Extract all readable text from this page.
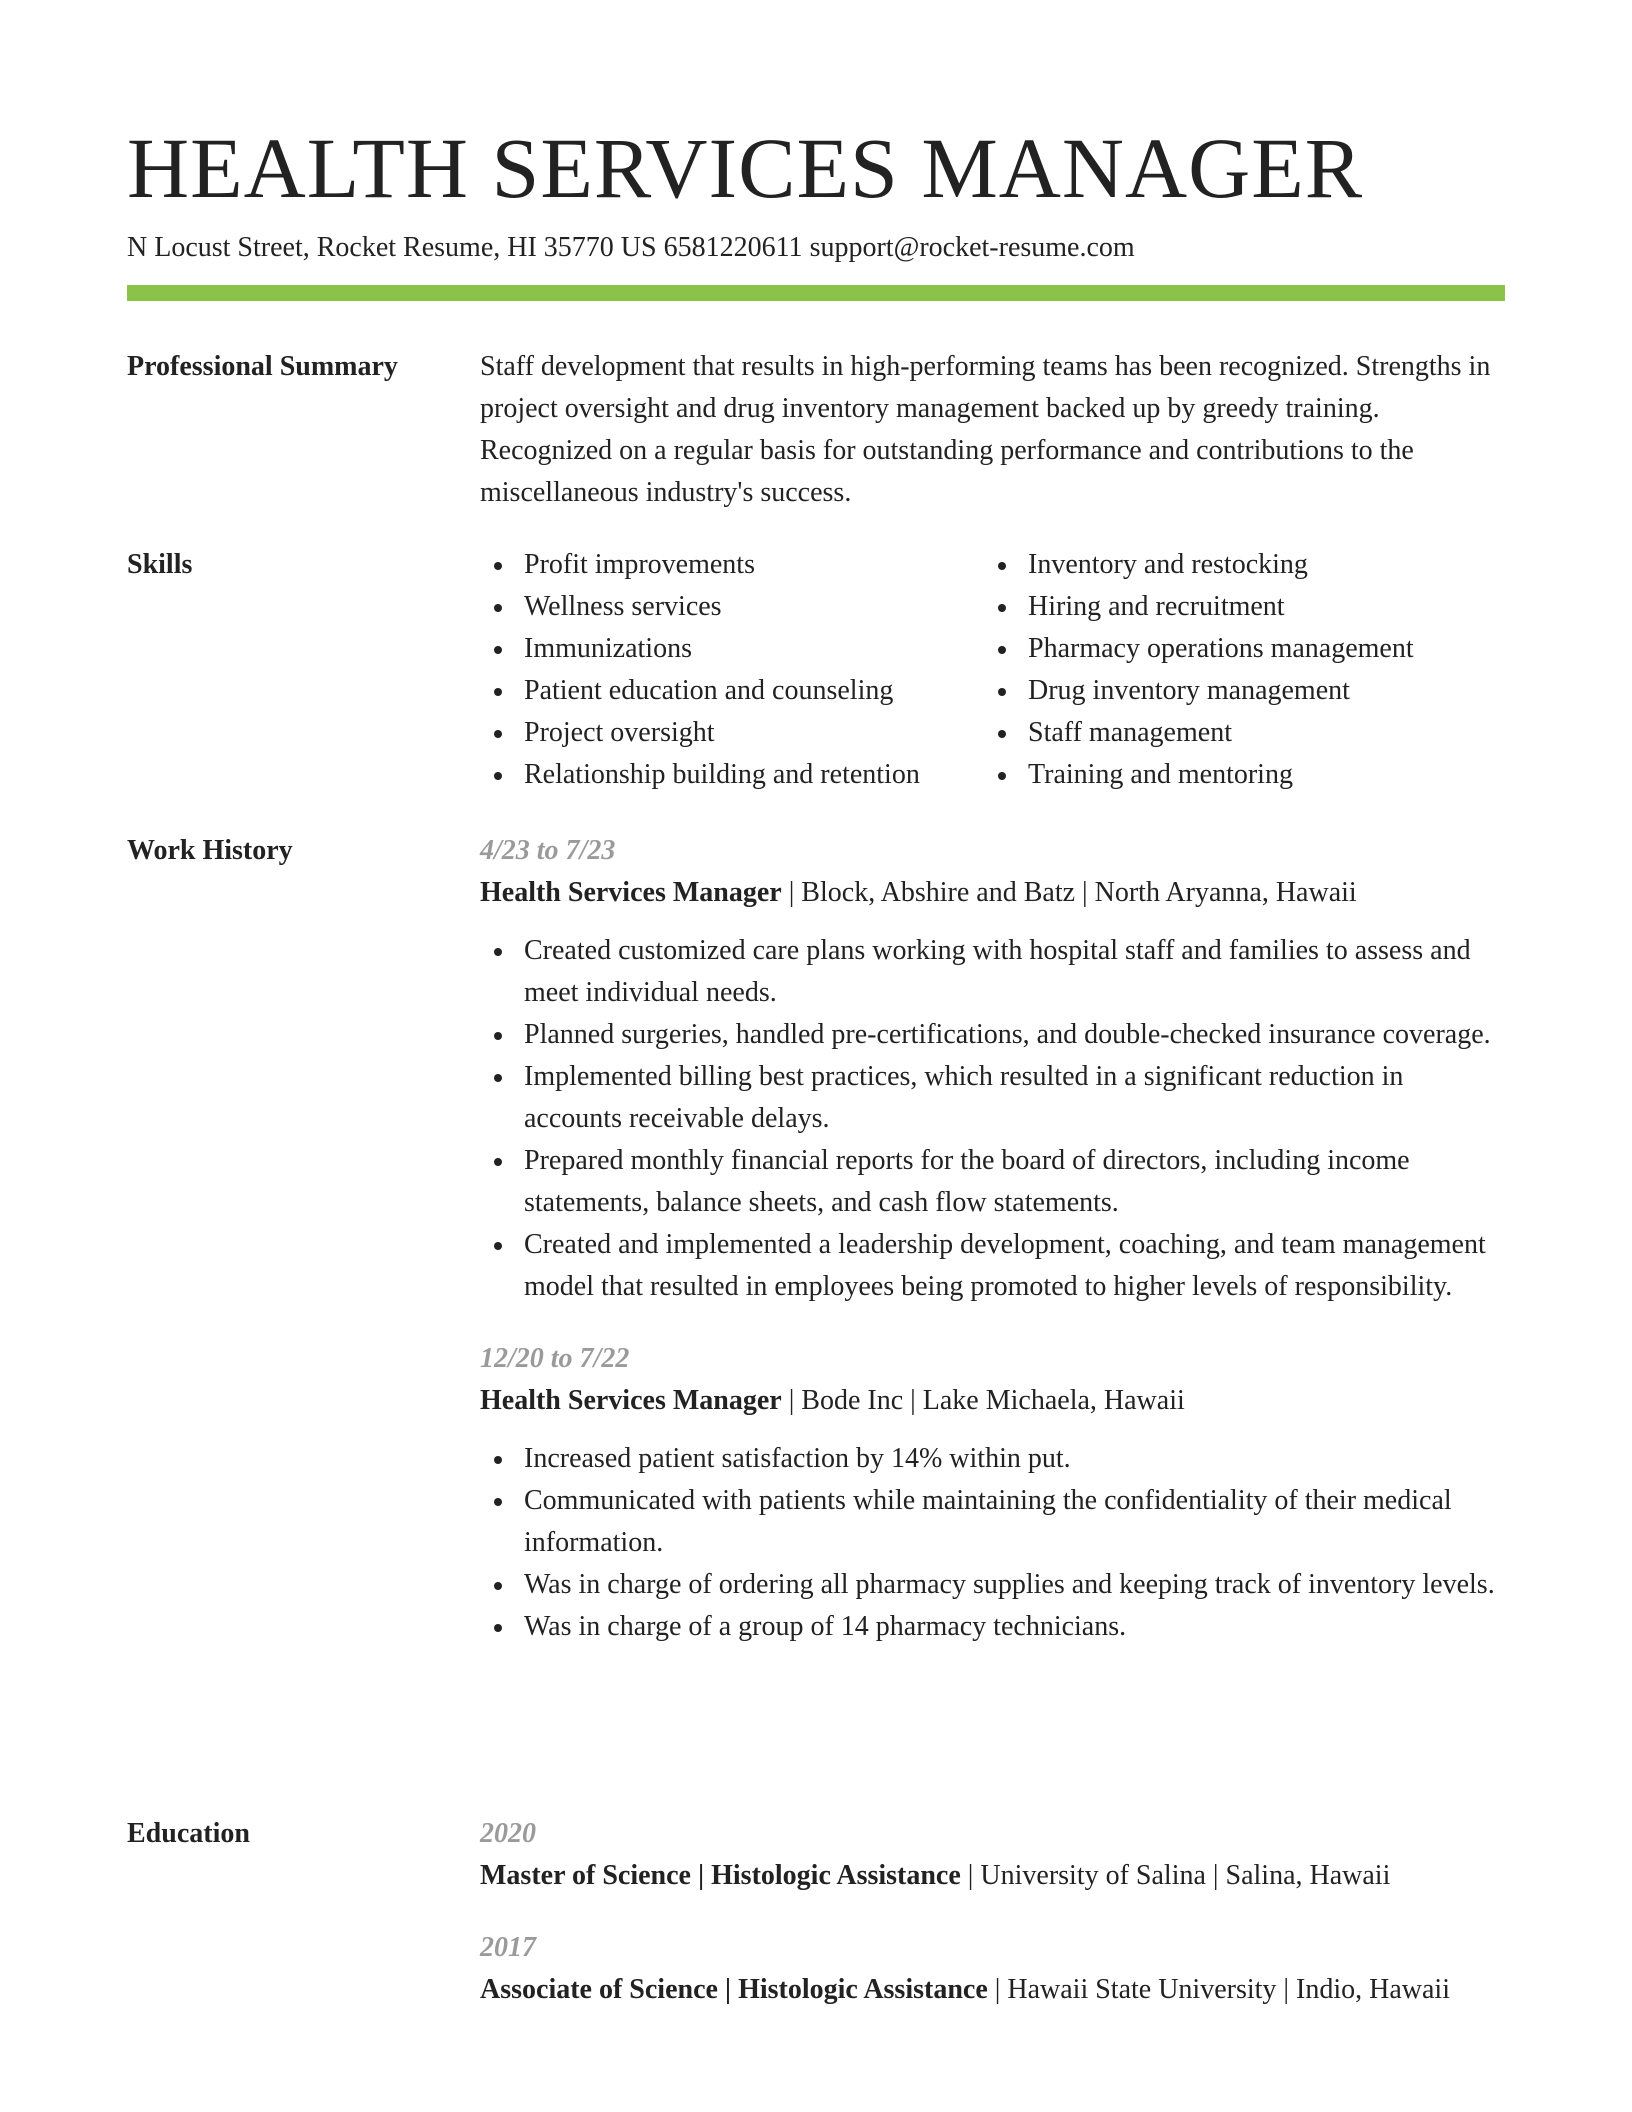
HEALTH SERVICES MANAGER
N Locust Street, Rocket Resume, HI 35770 US 6581220611 support@rocket-resume.com
Professional Summary	Staff development that results in high-performing teams has been recognized. Strengths in project oversight and drug inventory management backed up by greedy training. Recognized on a regular basis for outstanding performance and contributions to the miscellaneous industry's success.

Skills	Profit improvements
Wellness services
Immunizations
Patient education and counseling
Project oversight
Relationship building and retention
Inventory and restocking
Hiring and recruitment
Pharmacy operations management
Drug inventory management
Staff management
Training and mentoring
Work History	4/23 to 7/23
Health Services Manager | Block, Abshire and Batz | North Aryanna, Hawaii
Created customized care plans working with hospital staff and families to assess and meet individual needs.
Planned surgeries, handled pre-certifications, and double-checked insurance coverage.
Implemented billing best practices, which resulted in a significant reduction in accounts receivable delays.
Prepared monthly financial reports for the board of directors, including income statements, balance sheets, and cash flow statements.
Created and implemented a leadership development, coaching, and team management model that resulted in employees being promoted to higher levels of responsibility.
12/20 to 7/22
Health Services Manager | Bode Inc | Lake Michaela, Hawaii
Increased patient satisfaction by 14% within put.
Communicated with patients while maintaining the confidentiality of their medical information.
Was in charge of ordering all pharmacy supplies and keeping track of inventory levels.
Was in charge of a group of 14 pharmacy technicians.
Education	2020
Master of Science | Histologic Assistance | University of Salina | Salina, Hawaii
2017
Associate of Science | Histologic Assistance | Hawaii State University | Indio, Hawaii
